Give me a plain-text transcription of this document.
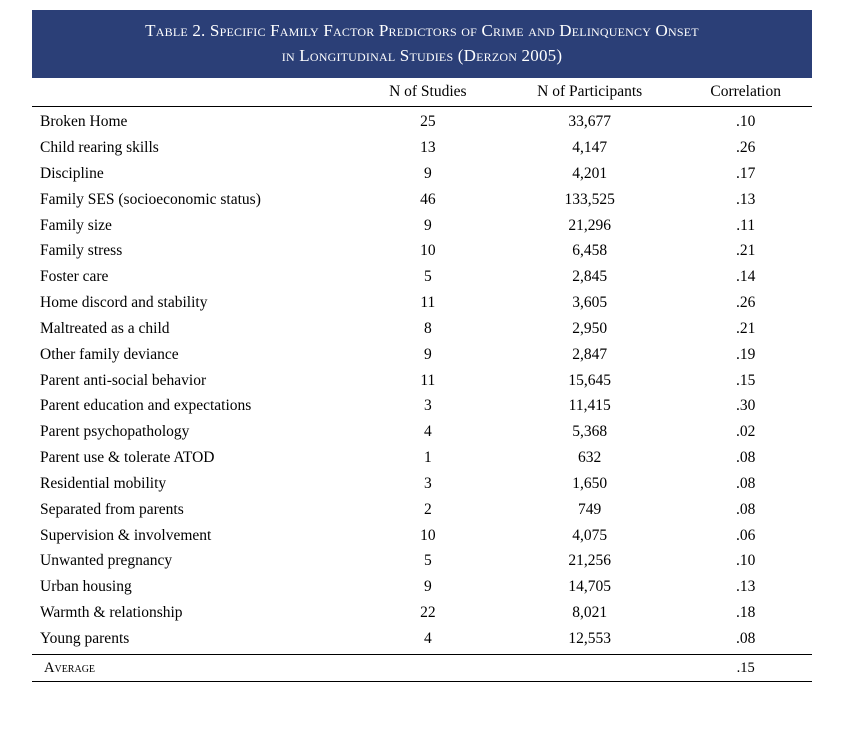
Table 2. Specific Family Factor Predictors of Crime and Delinquency Onset
in Longitudinal Studies (Derzon 2005)			

	N of Studies	N of Participants	Correlation
Broken Home	25	33,677	.10
Child rearing skills	13	4,147	.26
Discipline	9	4,201	.17
Family SES (socioeconomic status)	46	133,525	.13
Family size	9	21,296	.11
Family stress	10	6,458	.21
Foster care	5	2,845	.14
Home discord and stability	11	3,605	.26
Maltreated as a child	8	2,950	.21
Other family deviance	9	2,847	.19
Parent anti-social behavior	11	15,645	.15
Parent education and expectations	3	11,415	.30
Parent psychopathology	4	5,368	.02
Parent use & tolerate ATOD	1	632	.08
Residential mobility	3	1,650	.08
Separated from parents	2	749	.08
Supervision & involvement	10	4,075	.06
Unwanted pregnancy	5	21,256	.10
Urban housing	9	14,705	.13
Warmth & relationship	22	8,021	.18
Young parents	4	12,553	.08
Average			.15
